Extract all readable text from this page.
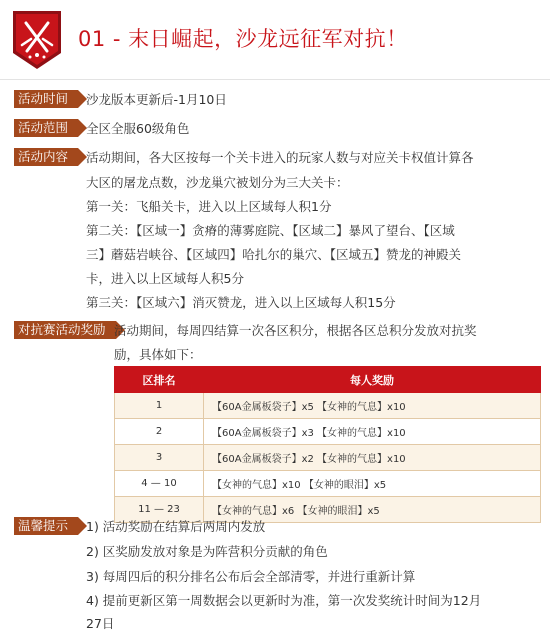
01 - 末日崛起，沙龙远征军对抗！
活动时间	沙龙版本更新后-1月10日
活动范围	全区全服60级角色
活动内容	活动期间，各大区按每一个关卡进入的玩家人数与对应关卡权值计算各
大区的屠龙点数，沙龙巢穴被划分为三大关卡：
第一关：飞船关卡，进入以上区域每人积1分
第二关：【区域一】贪瘠的薄雾庭院、【区域二】暴风了望台、【区域
三】蘑菇岩峡谷、【区域四】哈扎尔的巢穴、【区域五】赞龙的神殿关
卡，进入以上区域每人积5分
第三关：【区域六】消灭赞龙，进入以上区域每人积15分
对抗赛活动奖励 活动期间，每周四结算一次各区积分，根据各区总积分发放对抗奖
励，具体如下：
区排名	每人奖励
1	【60A金属板袋子】x5 【女神的气息】x10
2	【60A金属板袋子】x3 【女神的气息】x10
3	【60A金属板袋子】x2 【女神的气息】x10
4 — 10	【女神的气息】x10 【女神的眼泪】x5
11 — 23	【女神的气息】x6 【女神的眼泪】x5
温馨提示	1) 活动奖励在结算后两周内发放
2) 区奖励发放对象是为阵营积分贡献的角色
3) 每周四后的积分排名公布后会全部清零，并进行重新计算
4) 提前更新区第一周数据会以更新时为准，第一次发奖统计时间为12月
27日
